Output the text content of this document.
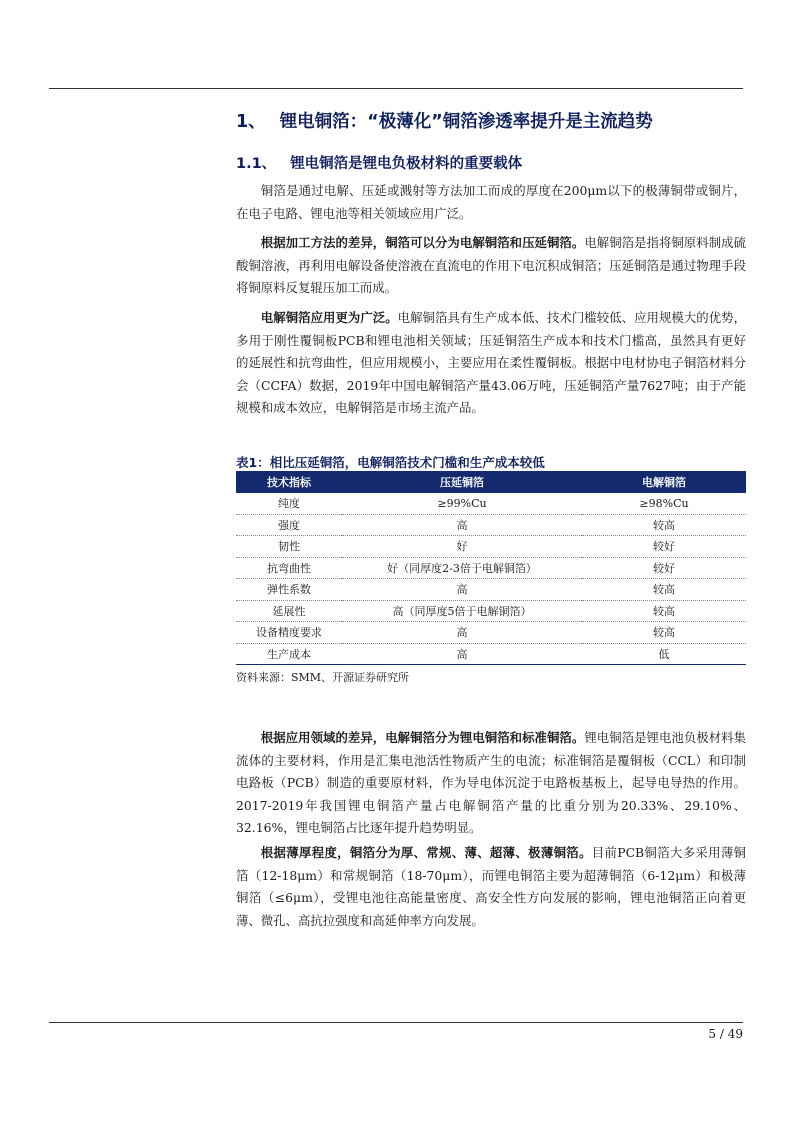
1、 锂电铜箔：“极薄化”铜箔渗透率提升是主流趋势
1.1、 锂电铜箔是锂电负极材料的重要载体

铜箔是通过电解、压延或溅射等方法加工而成的厚度在200μm以下的极薄铜带或铜片，在电子电路、锂电池等相关领域应用广泛。

根据加工方法的差异，铜箔可以分为电解铜箔和压延铜箔。电解铜箔是指将铜原料制成硫酸铜溶液，再利用电解设备使溶液在直流电的作用下电沉积成铜箔；压延铜箔是通过物理手段将铜原料反复辊压加工而成。

电解铜箔应用更为广泛。电解铜箔具有生产成本低、技术门槛较低、应用规模大的优势，多用于刚性覆铜板PCB和锂电池相关领域；压延铜箔生产成本和技术门槛高，虽然具有更好的延展性和抗弯曲性，但应用规模小，主要应用在柔性覆铜板。根据中电材协电子铜箔材料分会（CCFA）数据，2019年中国电解铜箔产量43.06万吨，压延铜箔产量7627吨；由于产能规模和成本效应，电解铜箔是市场主流产品。

表1：相比压延铜箔，电解铜箔技术门槛和生产成本较低
技术指标	压延铜箔	电解铜箔
纯度	≥99%Cu	≥98%Cu
强度	高	较高
韧性	好	较好
抗弯曲性	好（同厚度2-3倍于电解铜箔）	较好
弹性系数	高	较高
延展性	高（同厚度5倍于电解铜箔）	较高
设备精度要求	高	较高
生产成本	高	低
资料来源：SMM、开源证券研究所

根据应用领域的差异，电解铜箔分为锂电铜箔和标准铜箔。锂电铜箔是锂电池负极材料集流体的主要材料，作用是汇集电池活性物质产生的电流；标准铜箔是覆铜板（CCL）和印制电路板（PCB）制造的重要原材料，作为导电体沉淀于电路板基板上，起导电导热的作用。2017-2019年我国锂电铜箔产量占电解铜箔产量的比重分别为20.33%、29.10%、32.16%，锂电铜箔占比逐年提升趋势明显。

根据薄厚程度，铜箔分为厚、常规、薄、超薄、极薄铜箔。目前PCB铜箔大多采用薄铜箔（12-18μm）和常规铜箔（18-70μm），而锂电铜箔主要为超薄铜箔（6-12μm）和极薄铜箔（≤6μm），受锂电池往高能量密度、高安全性方向发展的影响，锂电池铜箔正向着更薄、微孔、高抗拉强度和高延伸率方向发展。

5 / 49
